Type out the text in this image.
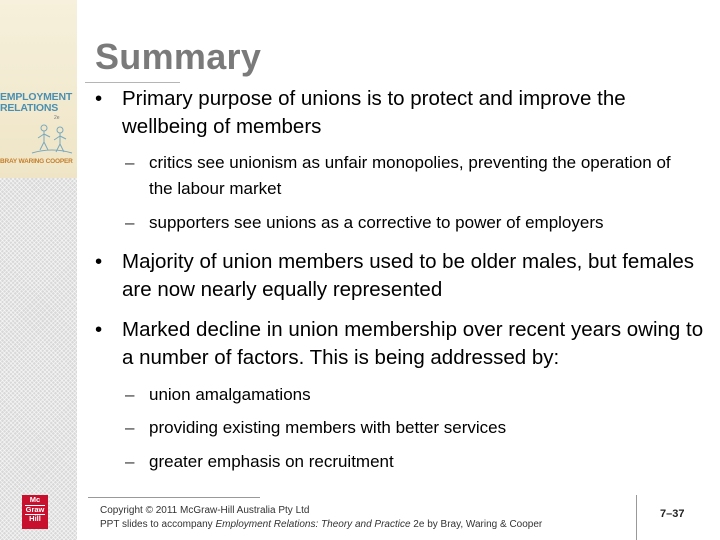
EMPLOYMENT
RELATIONS
2e
BRAY WARING COOPER
Summary
• Primary purpose of unions is to protect and improve the wellbeing of members
– critics see unionism as unfair monopolies, preventing the operation of the labour market
– supporters see unions as a corrective to power of employers
• Majority of union members used to be older males, but females are now nearly equally represented
• Marked decline in union membership over recent years owing to a number of factors. This is being addressed by:
– union amalgamations
– providing existing members with better services
– greater emphasis on recruitment
Mc

Graw

Hill
Copyright © 2011 McGraw-Hill Australia Pty Ltd
PPT slides to accompany Employment Relations: Theory and Practice 2e by Bray, Waring & Cooper
7–37
